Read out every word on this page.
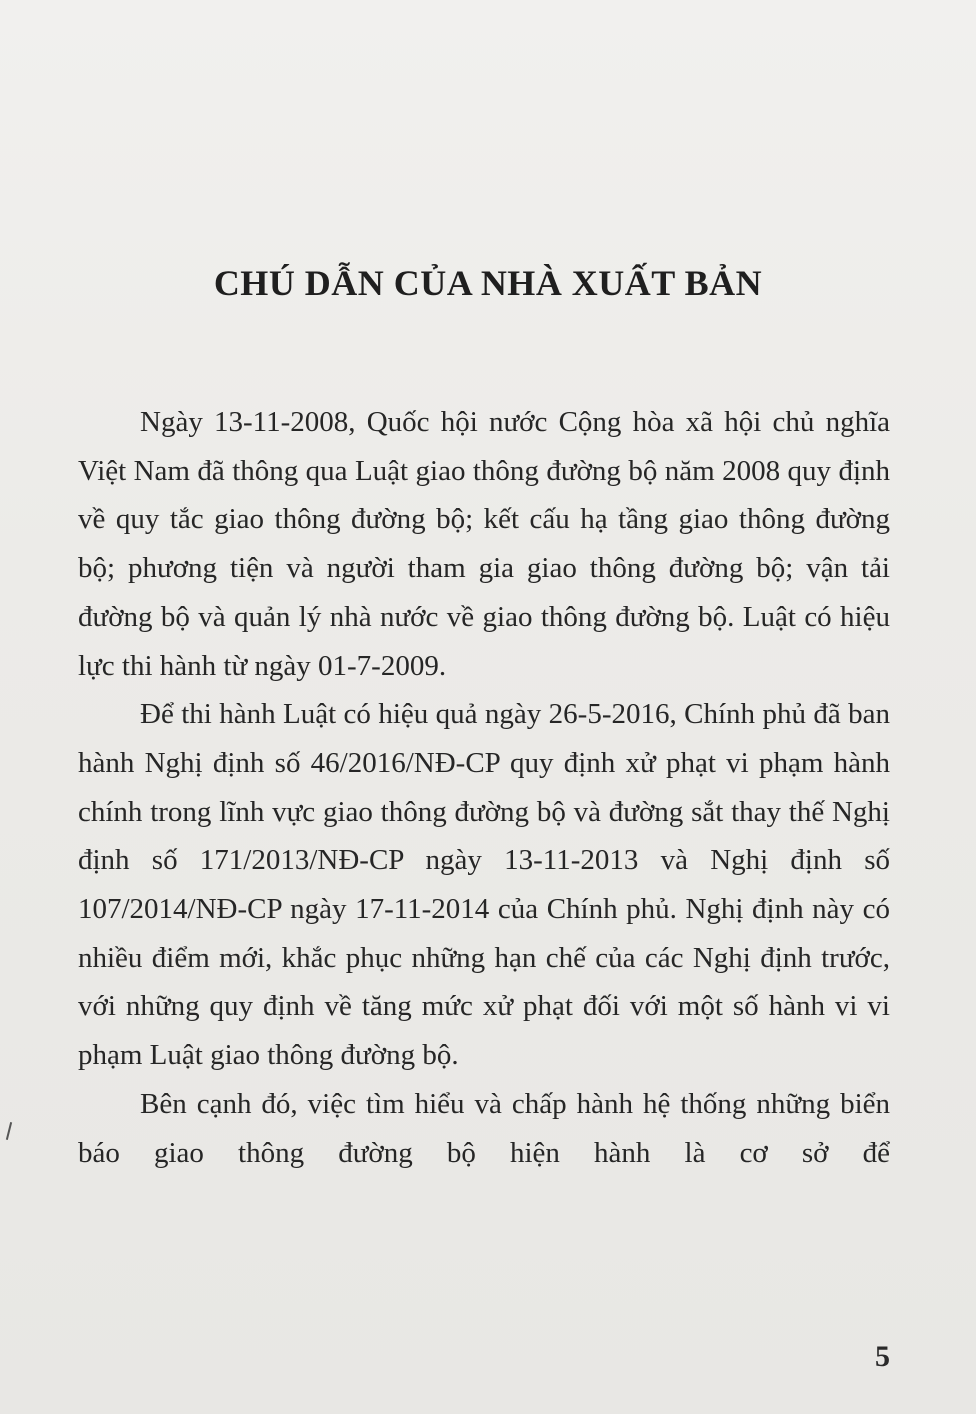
CHÚ DẪN CỦA NHÀ XUẤT BẢN

Ngày 13-11-2008, Quốc hội nước Cộng hòa xã hội chủ nghĩa Việt Nam đã thông qua Luật giao thông đường bộ năm 2008 quy định về quy tắc giao thông đường bộ; kết cấu hạ tầng giao thông đường bộ; phương tiện và người tham gia giao thông đường bộ; vận tải đường bộ và quản lý nhà nước về giao thông đường bộ. Luật có hiệu lực thi hành từ ngày 01-7-2009.

Để thi hành Luật có hiệu quả ngày 26-5-2016, Chính phủ đã ban hành Nghị định số 46/2016/NĐ-CP quy định xử phạt vi phạm hành chính trong lĩnh vực giao thông đường bộ và đường sắt thay thế Nghị định số 171/2013/NĐ-CP ngày 13-11-2013 và Nghị định số 107/2014/NĐ-CP ngày 17-11-2014 của Chính phủ. Nghị định này có nhiều điểm mới, khắc phục những hạn chế của các Nghị định trước, với những quy định về tăng mức xử phạt đối với một số hành vi vi phạm Luật giao thông đường bộ.

Bên cạnh đó, việc tìm hiểu và chấp hành hệ thống những biển báo giao thông đường bộ hiện hành là cơ sở để

5
